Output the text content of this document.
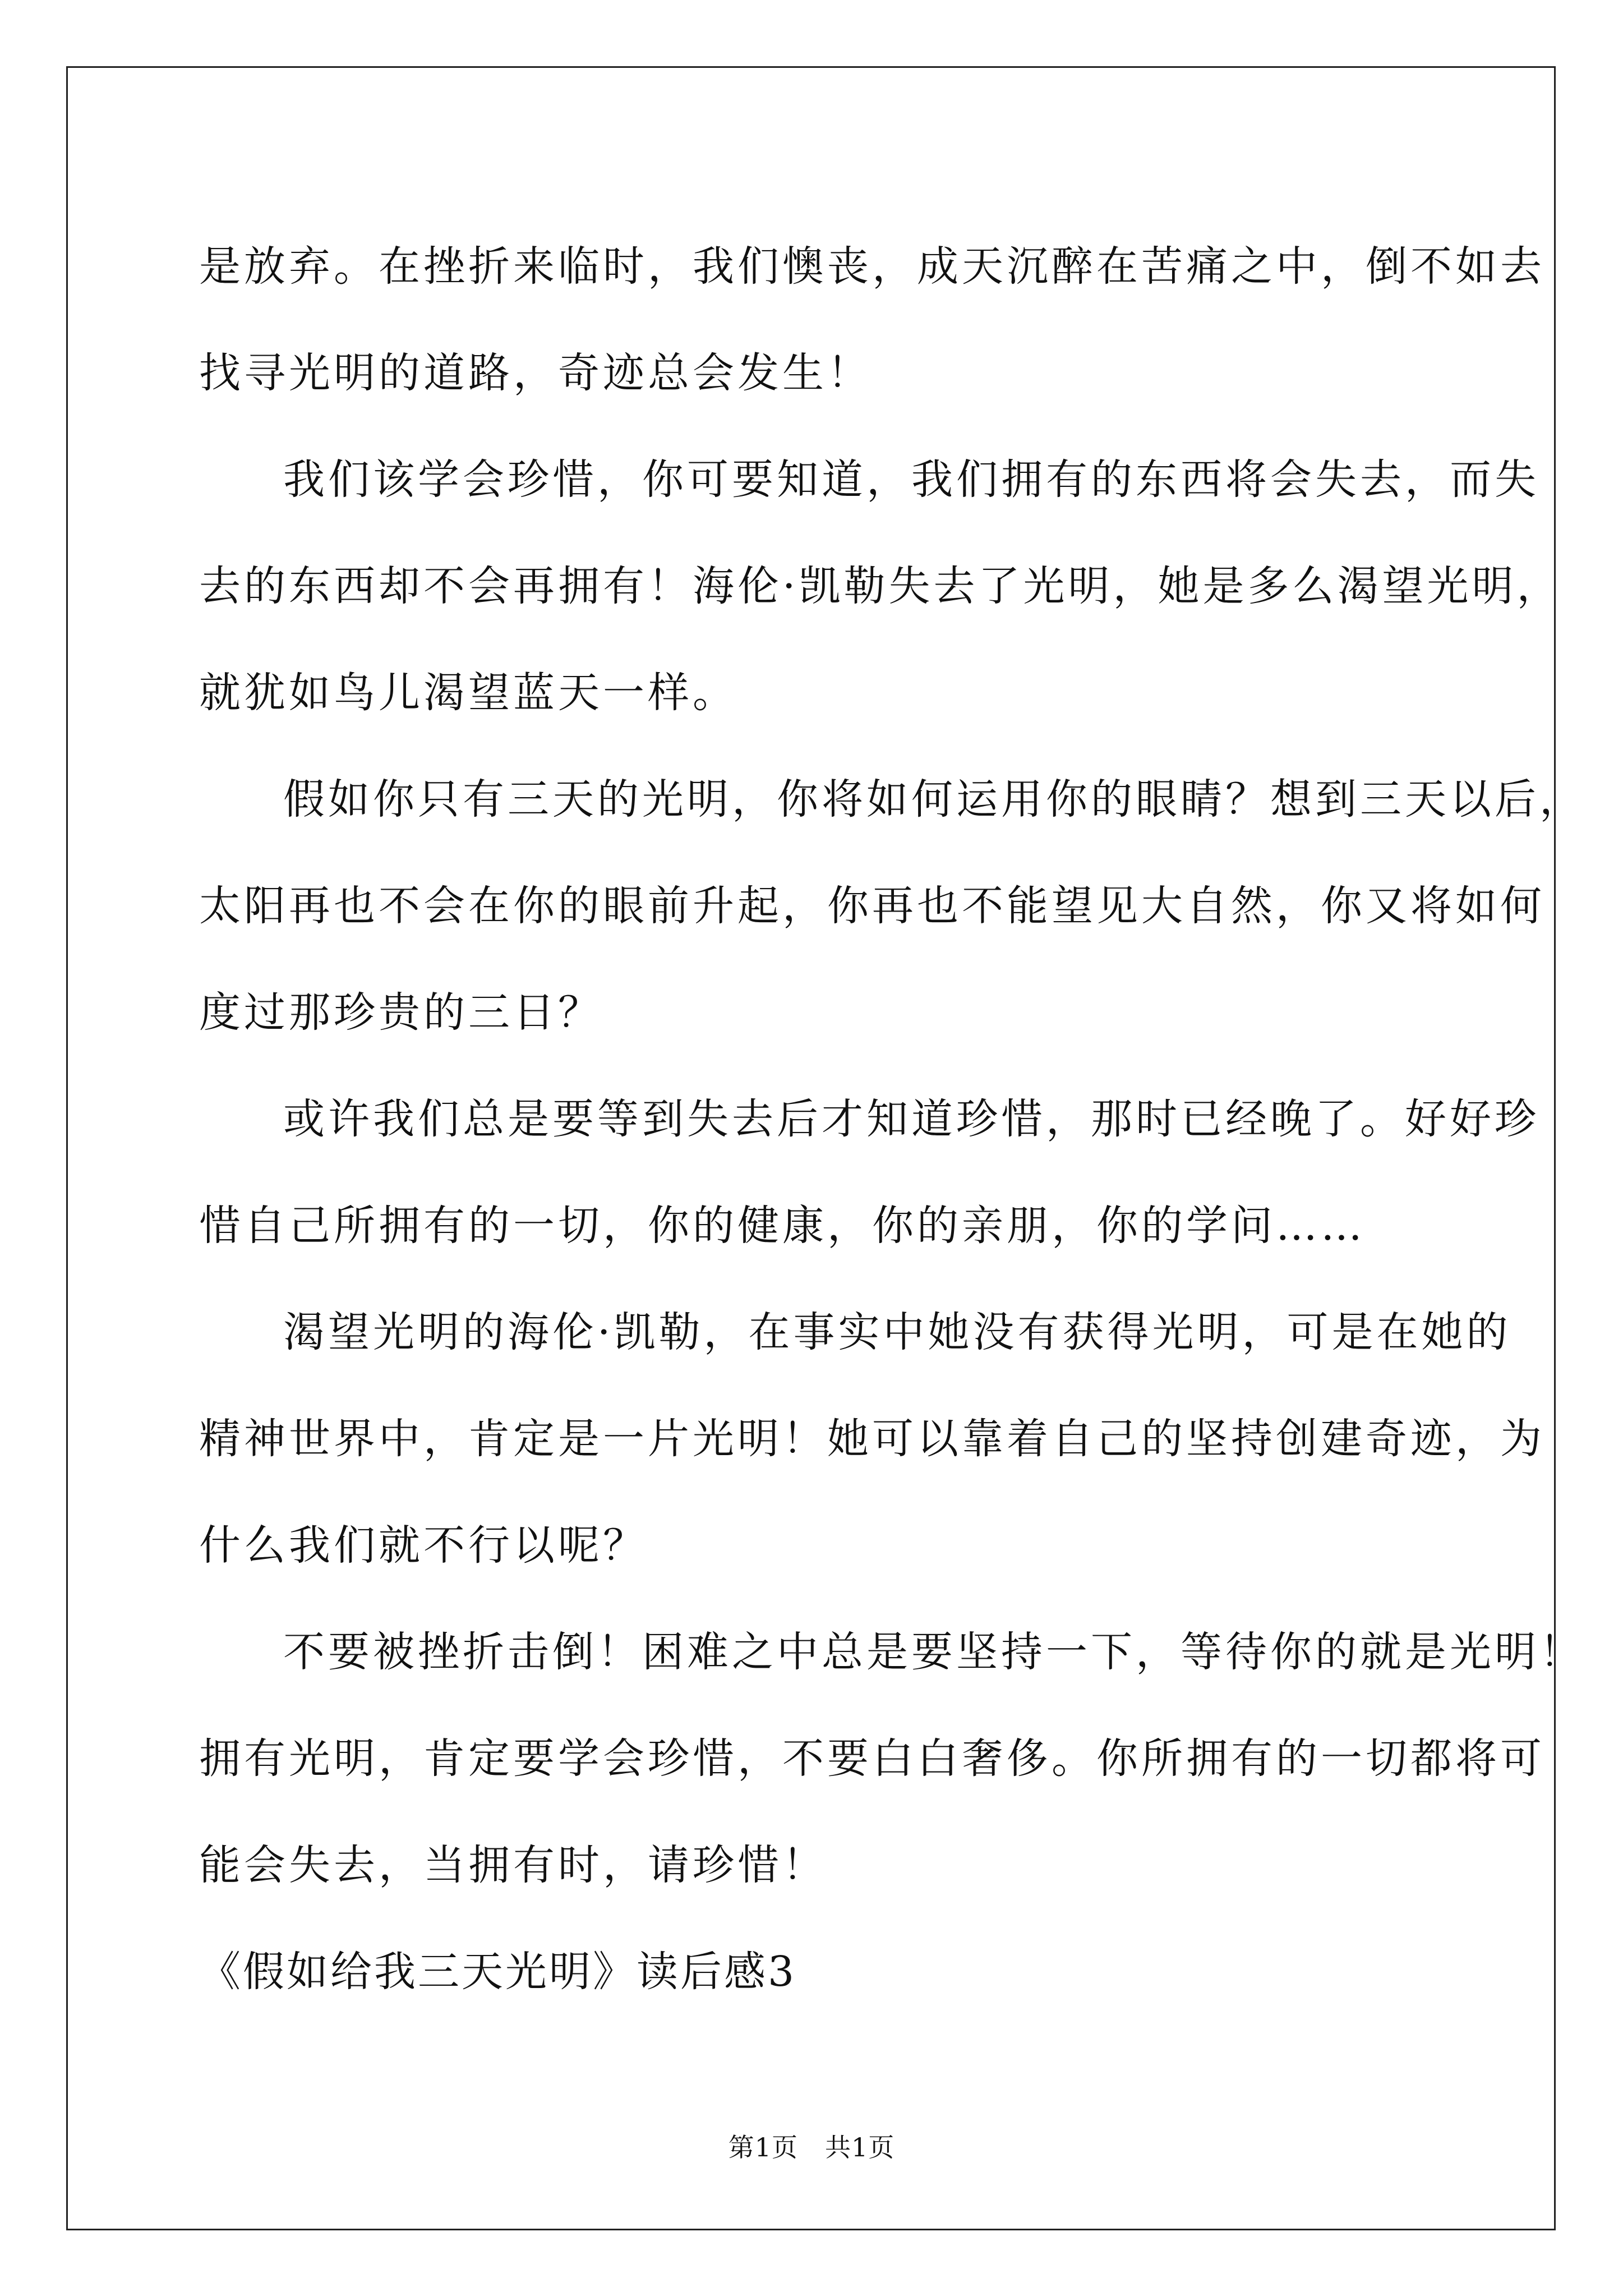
是放弃。在挫折来临时，我们懊丧，成天沉醉在苦痛之中，倒不如去
找寻光明的道路，奇迹总会发生！
我们该学会珍惜，你可要知道，我们拥有的东西将会失去，而失
去的东西却不会再拥有！海伦·凯勒失去了光明，她是多么渴望光明，
就犹如鸟儿渴望蓝天一样。
假如你只有三天的光明，你将如何运用你的眼睛？想到三天以后，
太阳再也不会在你的眼前升起，你再也不能望见大自然，你又将如何
度过那珍贵的三日？
或许我们总是要等到失去后才知道珍惜，那时已经晚了。好好珍
惜自己所拥有的一切，你的健康，你的亲朋，你的学问……
渴望光明的海伦·凯勒，在事实中她没有获得光明，可是在她的
精神世界中，肯定是一片光明！她可以靠着自己的坚持创建奇迹，为
什么我们就不行以呢？
不要被挫折击倒！困难之中总是要坚持一下，等待你的就是光明！
拥有光明，肯定要学会珍惜，不要白白奢侈。你所拥有的一切都将可
能会失去，当拥有时，请珍惜！
《假如给我三天光明》读后感3
第1页 共1页
